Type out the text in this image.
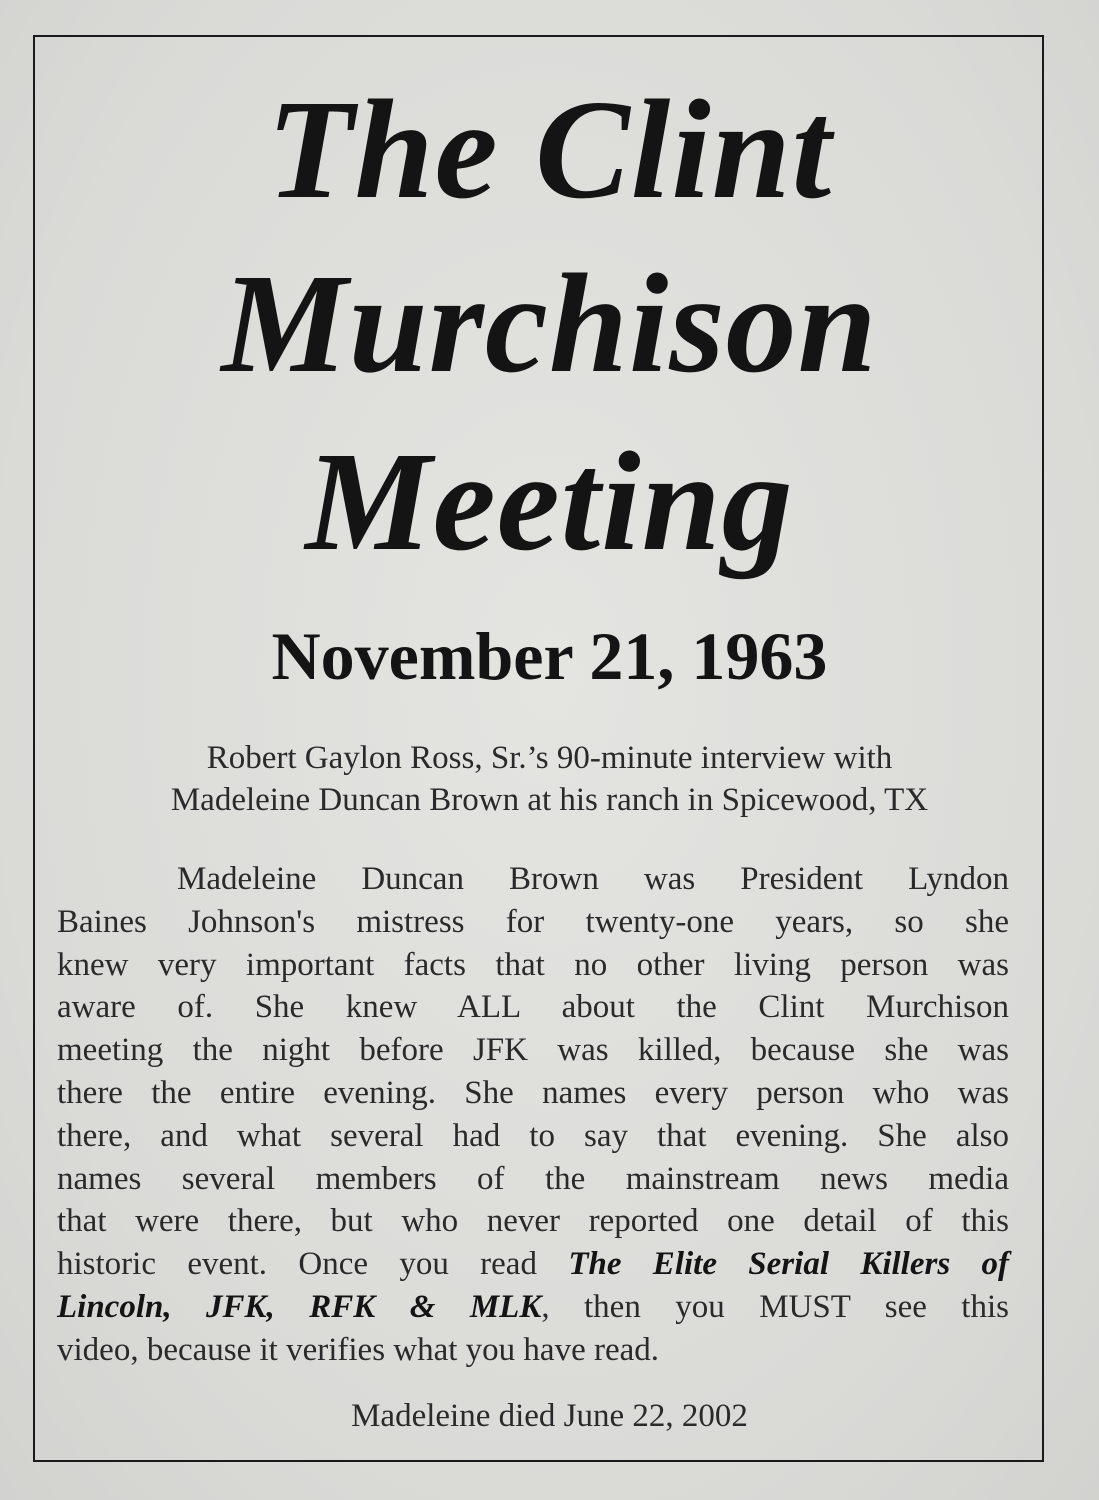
The Clint
Murchison
Meeting
November 21, 1963
Robert Gaylon Ross, Sr.’s 90-minute interview with
Madeleine Duncan Brown at his ranch in Spicewood, TX
Madeleine Duncan Brown was President Lyndon
Baines Johnson's mistress for twenty-one years, so she
knew very important facts that no other living person was
aware of. She knew ALL about the Clint Murchison
meeting the night before JFK was killed, because she was
there the entire evening. She names every person who was
there, and what several had to say that evening. She also
names several members of the mainstream news media
that were there, but who never reported one detail of this
historic event. Once you read The Elite Serial Killers of
Lincoln, JFK, RFK & MLK, then you MUST see this
video, because it verifies what you have read.
Madeleine died June 22, 2002
